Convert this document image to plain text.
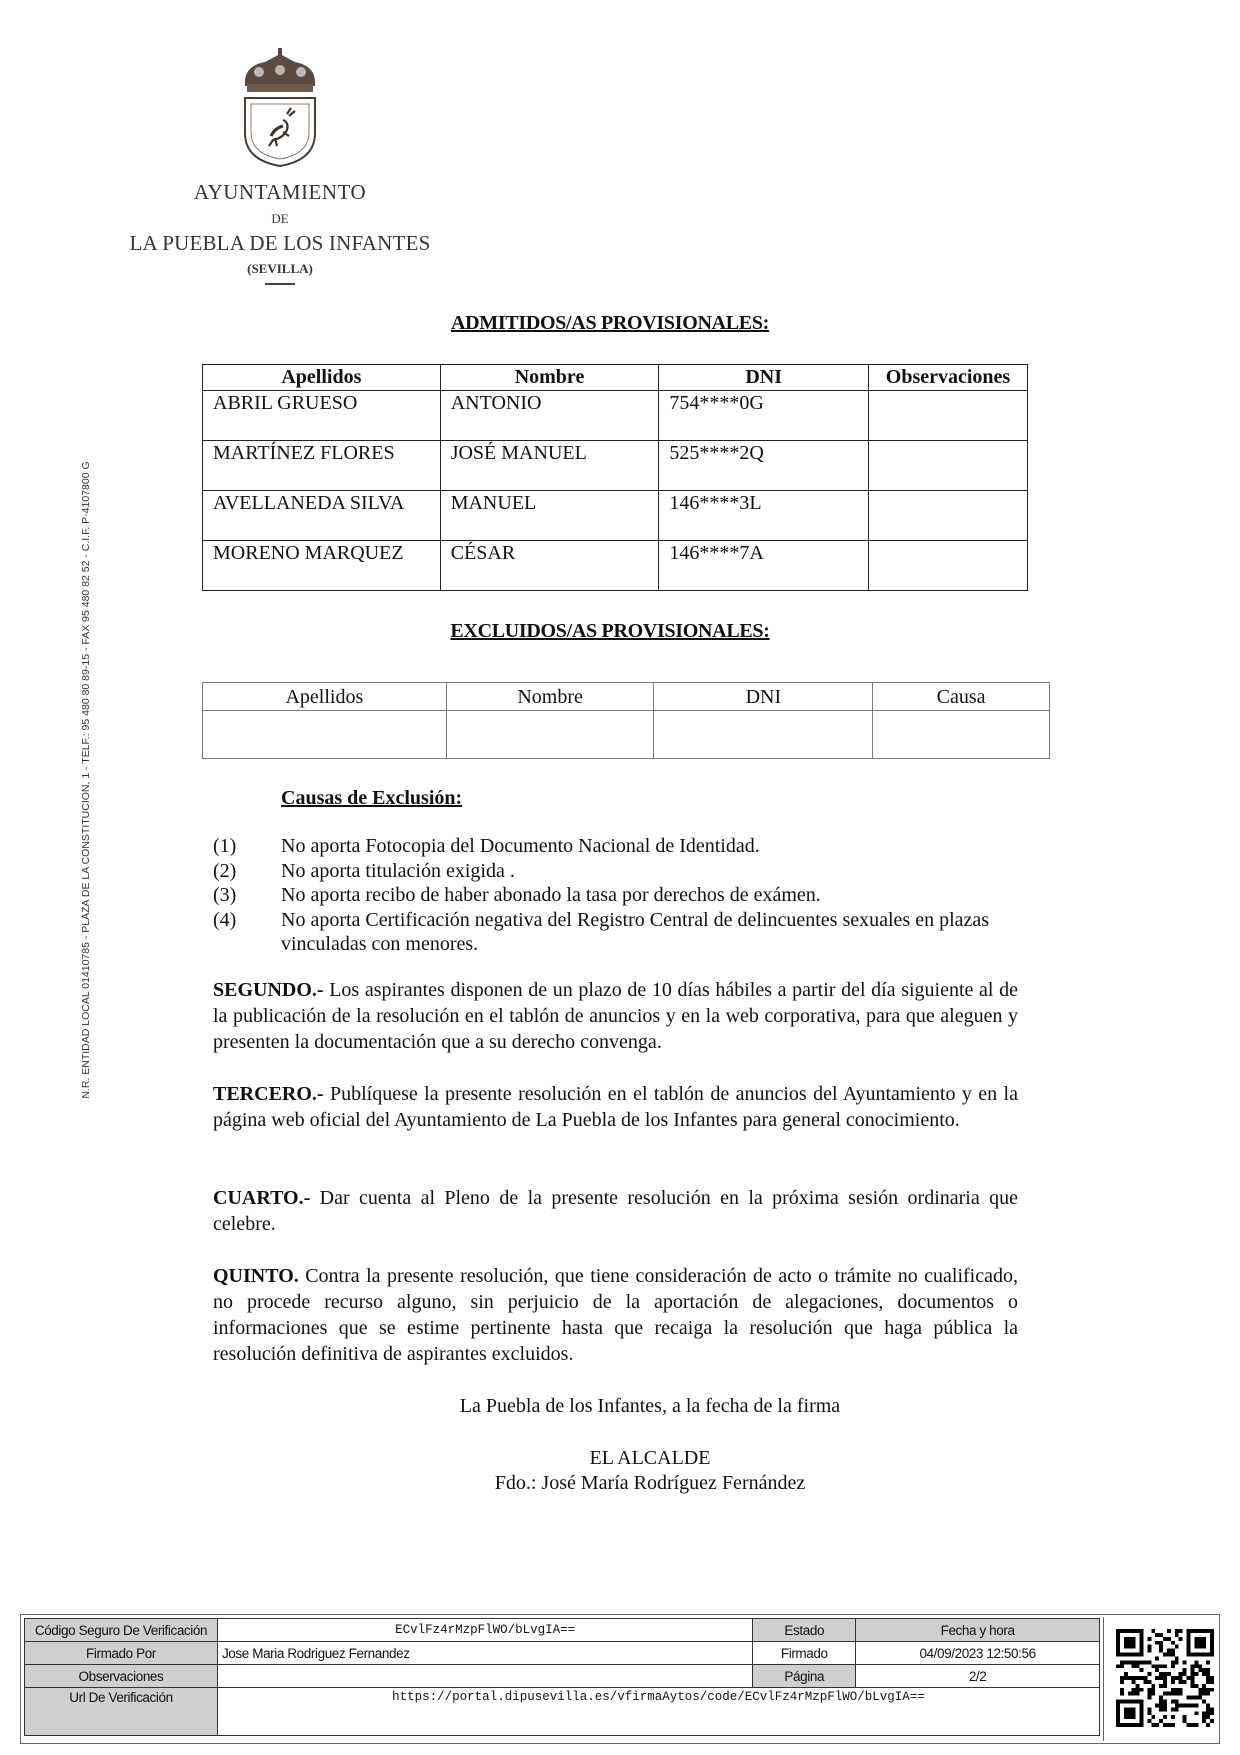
AYUNTAMIENTO
DE
LA PUEBLA DE LOS INFANTES
(SEVILLA)
N.R. ENTIDAD LOCAL 01410785 - PLAZA DE LA CONSTITUCION, 1 - TELF.: 95 480 80 89-15 - FAX 95 480 82 52 - C.I.F. P-4107800 G
ADMITIDOS/AS PROVISIONALES:
Apellidos	Nombre	DNI	Observaciones
ABRIL GRUESO	ANTONIO	754****0G	
MARTÍNEZ FLORES	JOSÉ MANUEL	525****2Q	
AVELLANEDA SILVA	MANUEL	146****3L	
MORENO MARQUEZ	CÉSAR	146****7A	
EXCLUIDOS/AS PROVISIONALES:
Apellidos	Nombre	DNI	Causa

Causas de Exclusión:
(1)	No aporta Fotocopia del Documento Nacional de Identidad.
(2)	No aporta titulación exigida .
(3)	No aporta recibo de haber abonado la tasa por derechos de exámen.
(4)	No aporta Certificación negativa del Registro Central de delincuentes sexuales en plazas vinculadas con menores.

SEGUNDO.- Los aspirantes disponen de un plazo de 10 días hábiles a partir del día siguiente al de la publicación de la resolución en el tablón de anuncios y en la web corporativa, para que aleguen y presenten la documentación que a su derecho convenga.

TERCERO.- Publíquese la presente resolución en el tablón de anuncios del Ayuntamiento y en la página web oficial del Ayuntamiento de La Puebla de los Infantes para general conocimiento.

CUARTO.- Dar cuenta al Pleno de la presente resolución en la próxima sesión ordinaria que celebre.

QUINTO. Contra la presente resolución, que tiene consideración de acto o trámite no cualificado, no procede recurso alguno, sin perjuicio de la aportación de alegaciones, documentos o informaciones que se estime pertinente hasta que recaiga la resolución que haga pública la resolución definitiva de aspirantes excluidos.

La Puebla de los Infantes, a la fecha de la firma
EL ALCALDE
Fdo.: José María Rodríguez Fernández
Código Seguro De Verificación	ECvlFz4rMzpFlWO/bLvgIA==	Estado	Fecha y hora
Firmado Por	Jose Maria Rodriguez Fernandez	Firmado	04/09/2023 12:50:56
Observaciones		Página	2/2
Url De Verificación	https://portal.dipusevilla.es/vfirmaAytos/code/ECvlFz4rMzpFlWO/bLvgIA==		
